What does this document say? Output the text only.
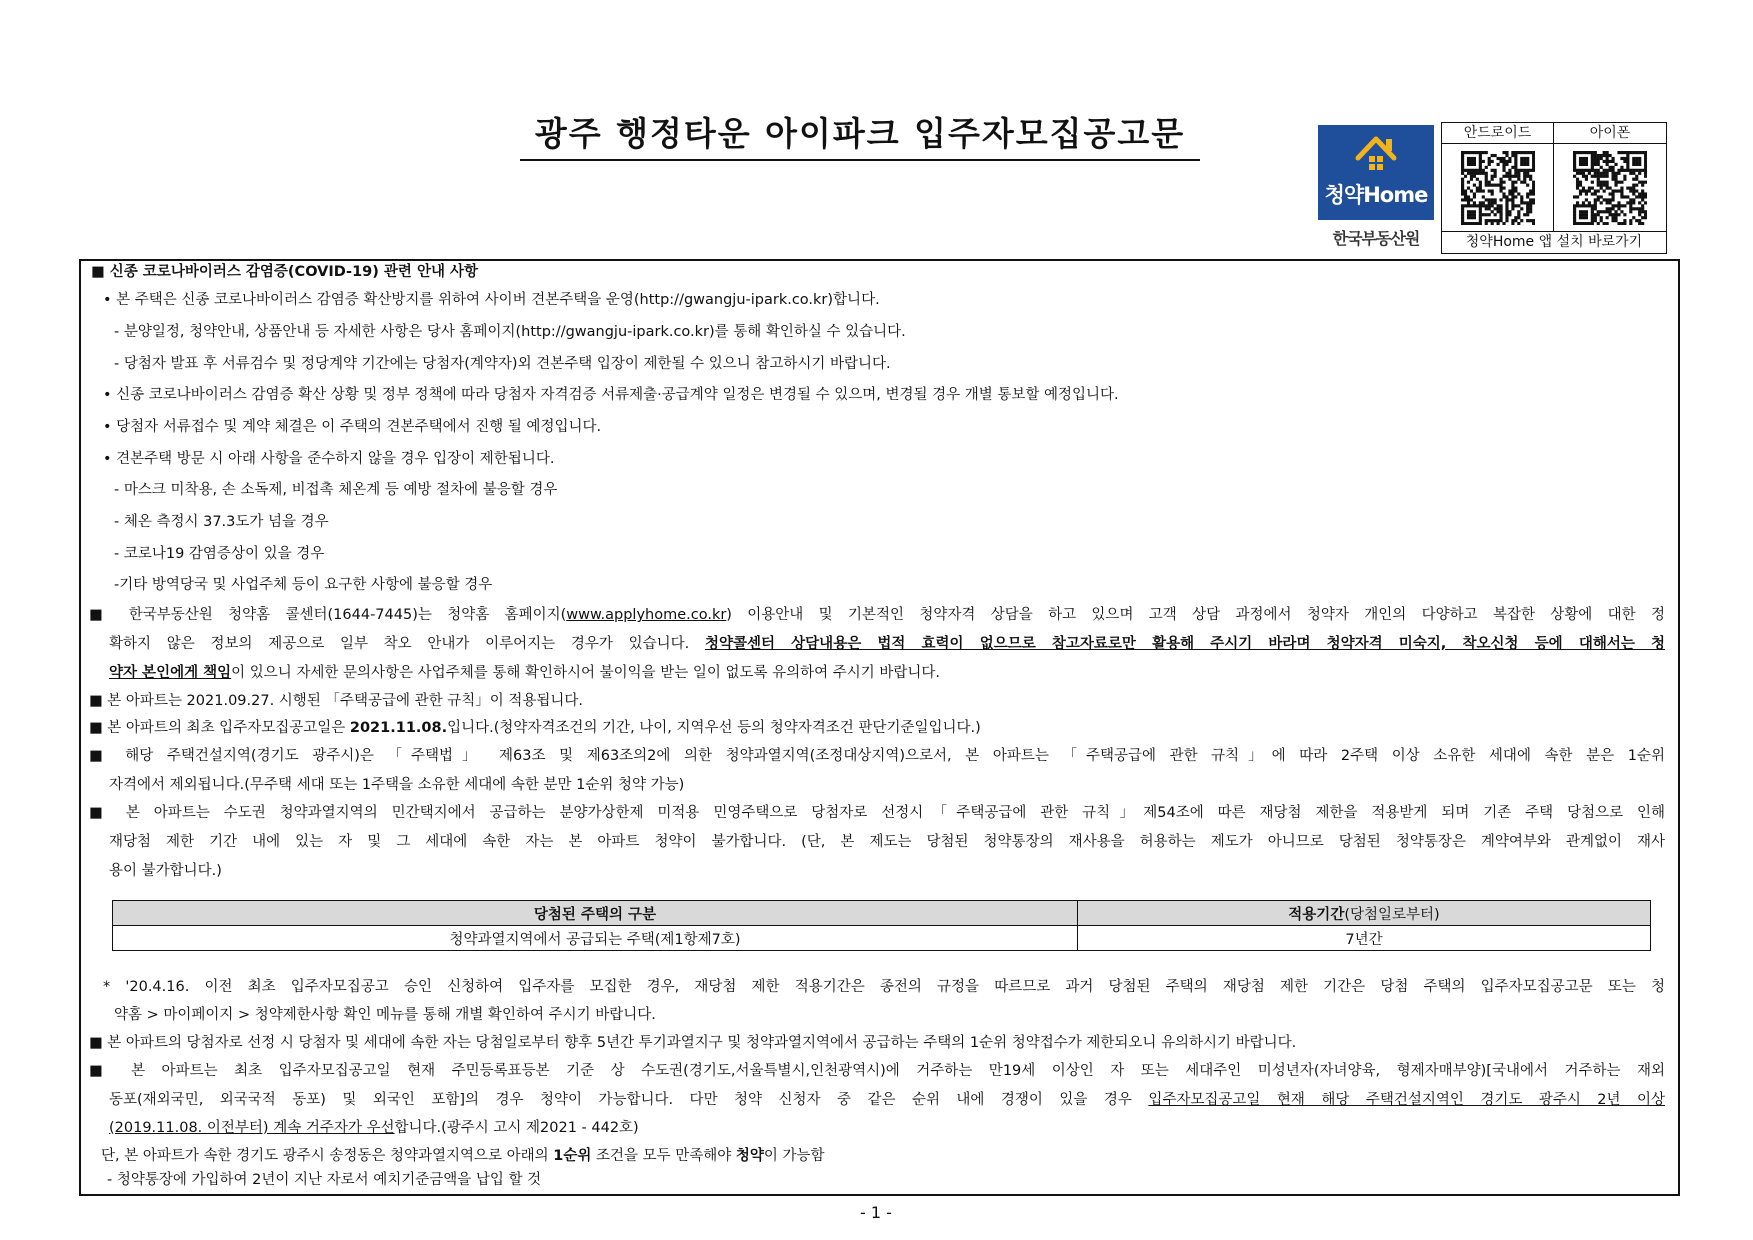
광주 행정타운 아이파크 입주자모집공고문
청약Home
한국부동산원
안드로이드	아이폰
청약Home 앱 설치 바로가기
■ 신종 코로나바이러스 감염증(COVID-19) 관련 안내 사항
• 본 주택은 신종 코로나바이러스 감염증 확산방지를 위하여 사이버 견본주택을 운영(http://gwangju-ipark.co.kr)합니다.
- 분양일정, 청약안내, 상품안내 등 자세한 사항은 당사 홈페이지(http://gwangju-ipark.co.kr)를 통해 확인하실 수 있습니다.
- 당첨자 발표 후 서류검수 및 정당계약 기간에는 당첨자(계약자)외 견본주택 입장이 제한될 수 있으니 참고하시기 바랍니다.
• 신종 코로나바이러스 감염증 확산 상황 및 정부 정책에 따라 당첨자 자격검증 서류제출·공급계약 일정은 변경될 수 있으며, 변경될 경우 개별 통보할 예정입니다.
• 당첨자 서류접수 및 계약 체결은 이 주택의 견본주택에서 진행 될 예정입니다.
• 견본주택 방문 시 아래 사항을 준수하지 않을 경우 입장이 제한됩니다.
- 마스크 미착용, 손 소독제, 비접촉 체온계 등 예방 절차에 불응할 경우
- 체온 측정시 37.3도가 넘을 경우
- 코로나19 감염증상이 있을 경우
-기타 방역당국 및 사업주체 등이 요구한 사항에 불응할 경우
■ 한국부동산원 청약홈 콜센터(1644-7445)는 청약홈 홈페이지(www.applyhome.co.kr) 이용안내 및 기본적인 청약자격 상담을 하고 있으며 고객 상담 과정에서 청약자 개인의 다양하고 복잡한 상황에 대한 정
확하지 않은 정보의 제공으로 일부 착오 안내가 이루어지는 경우가 있습니다. 청약콜센터 상담내용은 법적 효력이 없으므로 참고자료로만 활용해 주시기 바라며 청약자격 미숙지, 착오신청 등에 대해서는 청
약자 본인에게 책임이 있으니 자세한 문의사항은 사업주체를 통해 확인하시어 불이익을 받는 일이 없도록 유의하여 주시기 바랍니다.
■ 본 아파트는 2021.09.27. 시행된 「주택공급에 관한 규칙」이 적용됩니다.
■ 본 아파트의 최초 입주자모집공고일은 2021.11.08.입니다.(청약자격조건의 기간, 나이, 지역우선 등의 청약자격조건 판단기준일입니다.)
■ 해당 주택건설지역(경기도 광주시)은 「주택법」 제63조 및 제63조의2에 의한 청약과열지역(조정대상지역)으로서, 본 아파트는 「주택공급에 관한 규칙」에 따라 2주택 이상 소유한 세대에 속한 분은 1순위
자격에서 제외됩니다.(무주택 세대 또는 1주택을 소유한 세대에 속한 분만 1순위 청약 가능)
■ 본 아파트는 수도권 청약과열지역의 민간택지에서 공급하는 분양가상한제 미적용 민영주택으로 당첨자로 선정시「주택공급에 관한 규칙」제54조에 따른 재당첨 제한을 적용받게 되며 기존 주택 당첨으로 인해
재당첨 제한 기간 내에 있는 자 및 그 세대에 속한 자는 본 아파트 청약이 불가합니다. (단, 본 제도는 당첨된 청약통장의 재사용을 허용하는 제도가 아니므로 당첨된 청약통장은 계약여부와 관계없이 재사
용이 불가합니다.)
당첨된 주택의 구분	적용기간(당첨일로부터)
청약과열지역에서 공급되는 주택(제1항제7호)	7년간
* '20.4.16. 이전 최초 입주자모집공고 승인 신청하여 입주자를 모집한 경우, 재당첨 제한 적용기간은 종전의 규정을 따르므로 과거 당첨된 주택의 재당첨 제한 기간은 당첨 주택의 입주자모집공고문 또는 청
약홈 > 마이페이지 > 청약제한사항 확인 메뉴를 통해 개별 확인하여 주시기 바랍니다.
■ 본 아파트의 당첨자로 선정 시 당첨자 및 세대에 속한 자는 당첨일로부터 향후 5년간 투기과열지구 및 청약과열지역에서 공급하는 주택의 1순위 청약접수가 제한되오니 유의하시기 바랍니다.
■ 본 아파트는 최초 입주자모집공고일 현재 주민등록표등본 기준 상 수도권(경기도,서울특별시,인천광역시)에 거주하는 만19세 이상인 자 또는 세대주인 미성년자(자녀양육, 형제자매부양)[국내에서 거주하는 재외
동포(재외국민, 외국국적 동포) 및 외국인 포함]의 경우 청약이 가능합니다. 다만 청약 신청자 중 같은 순위 내에 경쟁이 있을 경우 입주자모집공고일 현재 해당 주택건설지역인 경기도 광주시 2년 이상
(2019.11.08. 이전부터) 계속 거주자가 우선합니다.(광주시 고시 제2021 - 442호)
단, 본 아파트가 속한 경기도 광주시 송정동은 청약과열지역으로 아래의 1순위 조건을 모두 만족해야 청약이 가능함
- 청약통장에 가입하여 2년이 지난 자로서 예치기준금액을 납입 할 것
- 1 -
